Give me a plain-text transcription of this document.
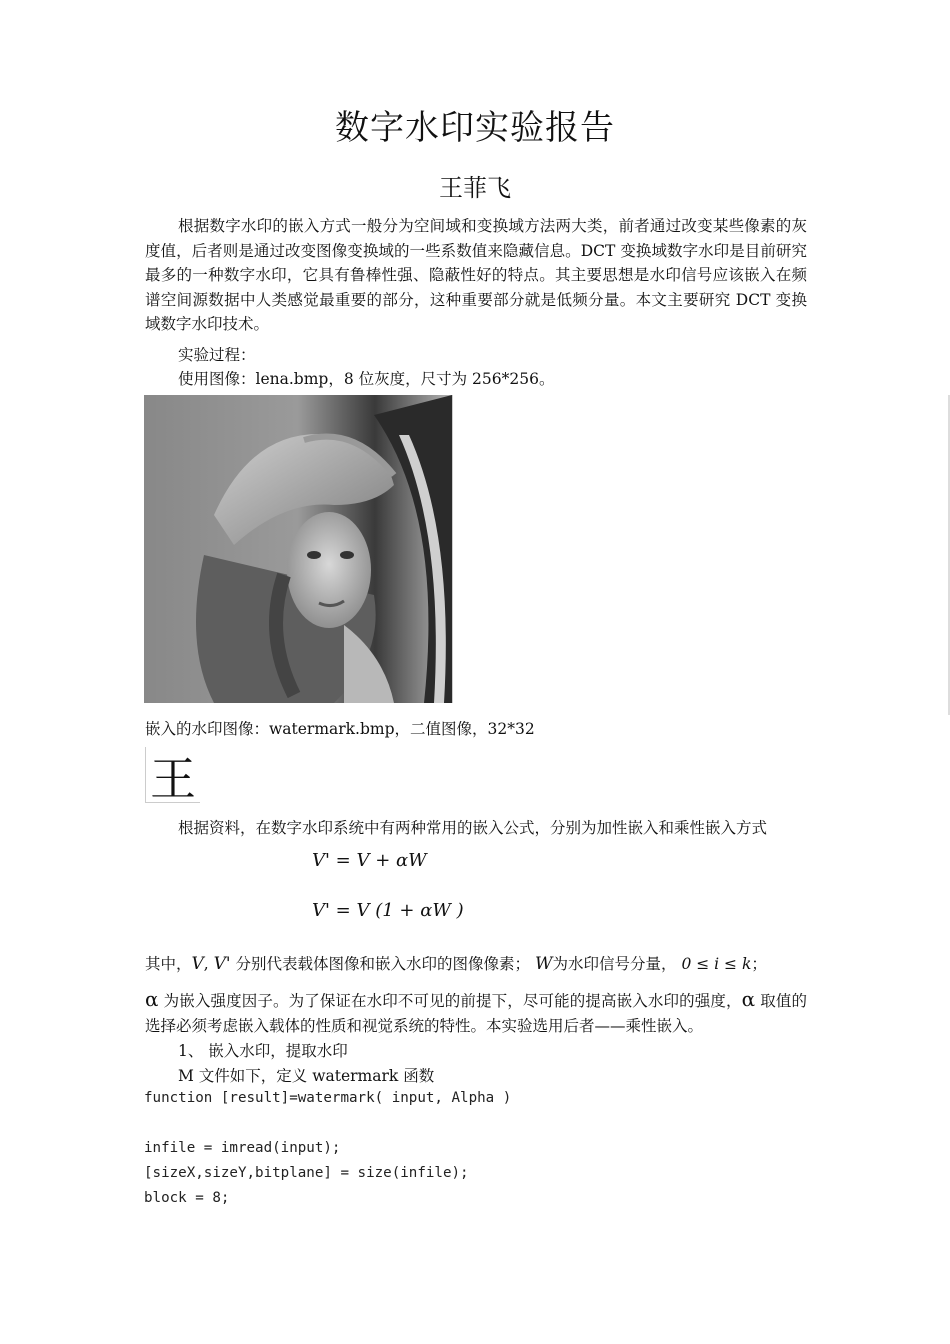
数字水印实验报告
王菲飞
根据数字水印的嵌入方式一般分为空间域和变换域方法两大类，前者通过改变某些像素的灰度值，后者则是通过改变图像变换域的一些系数值来隐藏信息。DCT 变换域数字水印是目前研究最多的一种数字水印，它具有鲁棒性强、隐蔽性好的特点。其主要思想是水印信号应该嵌入在频谱空间源数据中人类感觉最重要的部分，这种重要部分就是低频分量。本文主要研究 DCT 变换域数字水印技术。
实验过程：
使用图像：lena.bmp，8 位灰度，尺寸为 256*256。
嵌入的水印图像：watermark.bmp，二值图像，32*32
王
根据资料，在数字水印系统中有两种常用的嵌入公式，分别为加性嵌入和乘性嵌入方式
V' = V + αW
V' = V (1 + αW )
其中，V, V' 分别代表载体图像和嵌入水印的图像像素； W为水印信号分量， 0 ≤ i ≤ k；
α 为嵌入强度因子。为了保证在水印不可见的前提下，尽可能的提高嵌入水印的强度，α 取值的选择必须考虑嵌入载体的性质和视觉系统的特性。本实验选用后者——乘性嵌入。
1、 嵌入水印，提取水印
M 文件如下，定义 watermark 函数
function [result]=watermark( input, Alpha )
infile = imread(input);
[sizeX,sizeY,bitplane] = size(infile);
block = 8;
